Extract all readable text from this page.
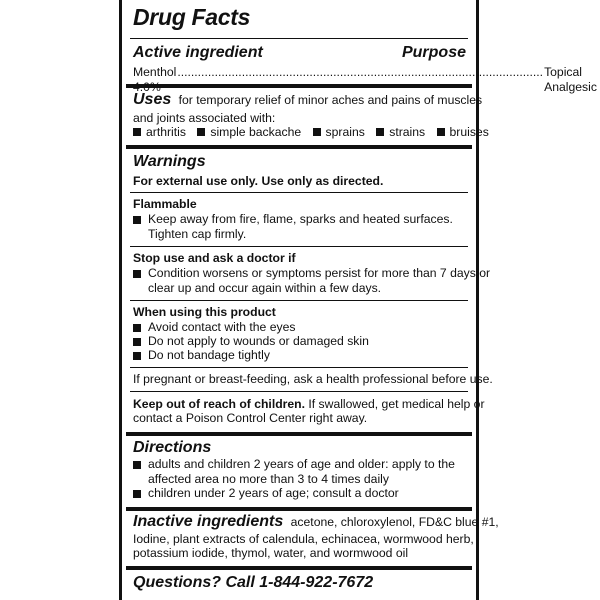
Drug Facts
Active ingredient	Purpose
Menthol ............................................................................................................ Topical Analgesic
Uses for temporary relief of minor aches and pains of muscles
and joints associated with:
arthritis simple backache sprains strains bruises
Warnings
For external use only. Use only as directed.
Flammable
Keep away from fire, flame, sparks and heated surfaces.
Tighten cap firmly.
Stop use and ask a doctor if
Condition worsens or symptoms persist for more than 7 days or
clear up and occur again within a few days.
When using this product
Avoid contact with the eyes
Do not apply to wounds or damaged skin
Do not bandage tightly
If pregnant or breast-feeding, ask a health professional before use.
Keep out of reach of children. If swallowed, get medical help or
contact a Poison Control Center right away.
Directions
adults and children 2 years of age and older: apply to the
affected area no more than 3 to 4 times daily
children under 2 years of age; consult a doctor
Inactive ingredients acetone, chloroxylenol, FD&C blue #1,
Iodine, plant extracts of calendula, echinacea, wormwood herb,
potassium iodide, thymol, water, and wormwood oil
Questions? Call 1-844-922-7672
